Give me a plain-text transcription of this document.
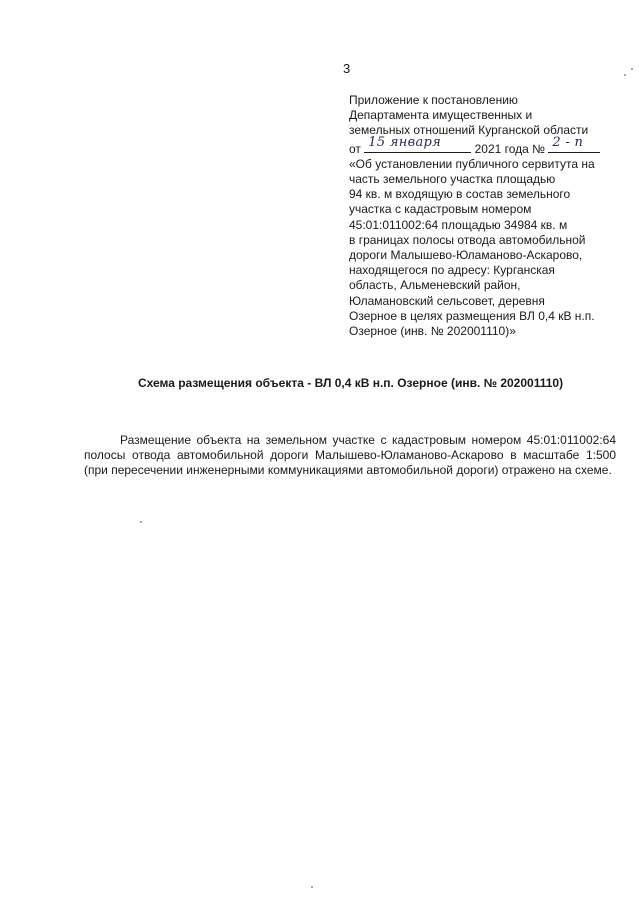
3
Приложение к постановлению
Департамента имущественных и
земельных отношений Курганской области
от 15 января	2021 года № 2 - п
«Об установлении публичного сервитута на
часть земельного участка площадью
94 кв. м входящую в состав земельного
участка с кадастровым номером
45:01:011002:64 площадью 34984 кв. м
в границах полосы отвода автомобильной
дороги Малышево-Юламаново-Аскарово,
находящегося по адресу: Курганская
область, Альменевский район,
Юламановский сельсовет, деревня
Озерное в целях размещения ВЛ 0,4 кВ н.п.
Озерное (инв. № 202001110)»
Схема размещения объекта - ВЛ 0,4 кВ н.п. Озерное (инв. № 202001110)

Размещение объекта на земельном участке с кадастровым номером 45:01:011002:64 полосы отвода автомобильной дороги Малышево-Юламаново-Аскарово в масштабе 1:500 (при пересечении инженерными коммуникациями автомобильной дороги) отражено на схеме.
